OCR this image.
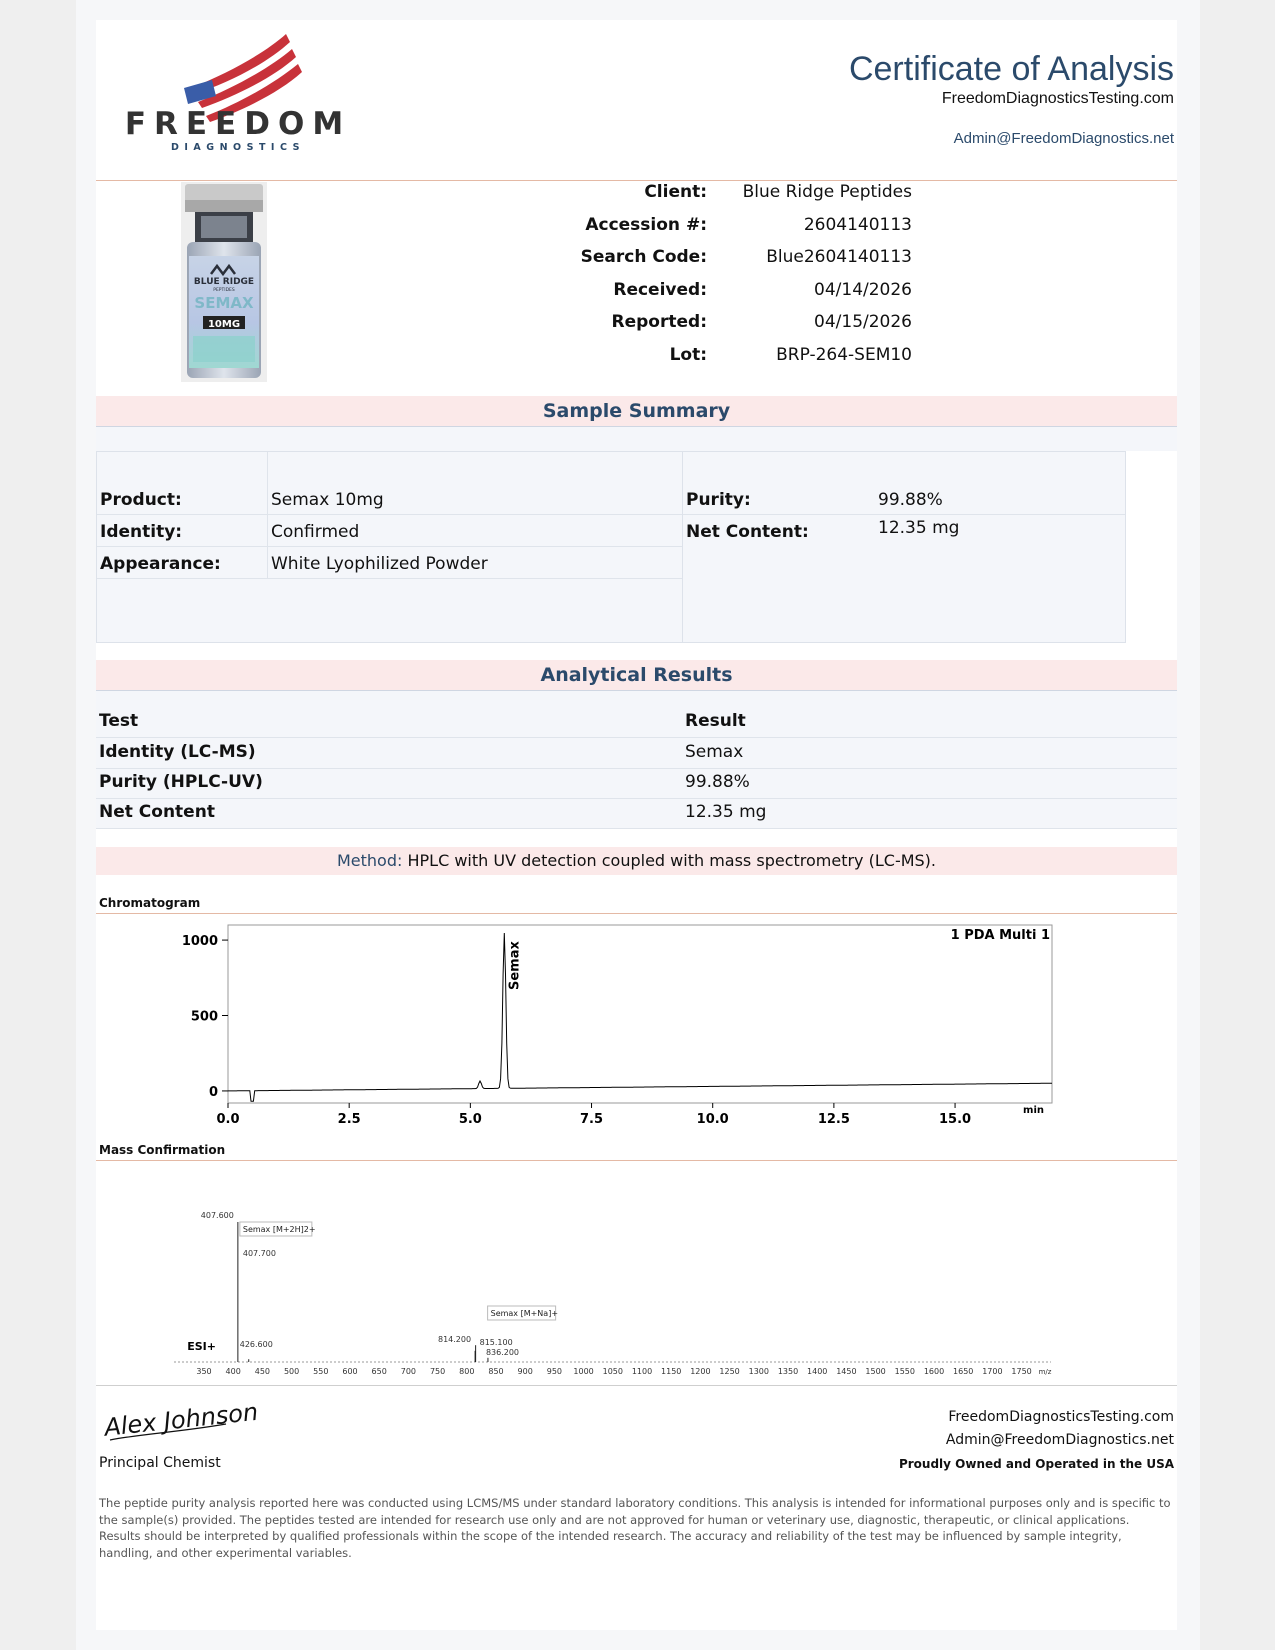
FREEDOM
DIAGNOSTICS
Certificate of Analysis
FreedomDiagnosticsTesting.com
Admin@FreedomDiagnostics.net
BLUE RIDGE
PEPTIDES
SEMAX
10MG
Client: Blue Ridge Peptides
Accession #:	2604140113
Search Code:	Blue2604140113
Received:	04/14/2026
Reported:	04/15/2026
Lot:	BRP-264-SEM10
Sample Summary
Product:	Semax 10mg
Identity:	Confirmed
Appearance:	White Lyophilized Powder
Purity:	99.88%
Net Content:	12.35 mg
Analytical Results
Test	Result
Identity (LC-MS)	Semax
Purity (HPLC-UV)	99.88%
Net Content	12.35 mg
Method: HPLC with UV detection coupled with mass spectrometry (LC-MS).
Chromatogram
1000
500
0
0.0	2.5	5.0	7.5	10.0	12.5	15.0
min
1 PDA Multi 1
Semax
Mass Confirmation
350 400 450 500 550 600 650 700 750 800 850 900 950 1000 1050 1100 1150 1200 1250 1300 1350 1400 1450 1500 1550 1600 1650 1700 1750 m/z
ESI+
407.600
407.700
Semax [M+2H]2+
426.600
814.200 815.100
Semax [M+Na]+
836.200
Alex Johnson
Principal Chemist
FreedomDiagnosticsTesting.com
Admin@FreedomDiagnostics.net
Proudly Owned and Operated in the USA
The peptide purity analysis reported here was conducted using LCMS/MS under standard laboratory conditions. This analysis is intended for informational purposes only and is specific to the sample(s) provided. The peptides tested are intended for research use only and are not approved for human or veterinary use, diagnostic, therapeutic, or clinical applications. Results should be interpreted by qualified professionals within the scope of the intended research. The accuracy and reliability of the test may be influenced by sample integrity, handling, and other experimental variables.
